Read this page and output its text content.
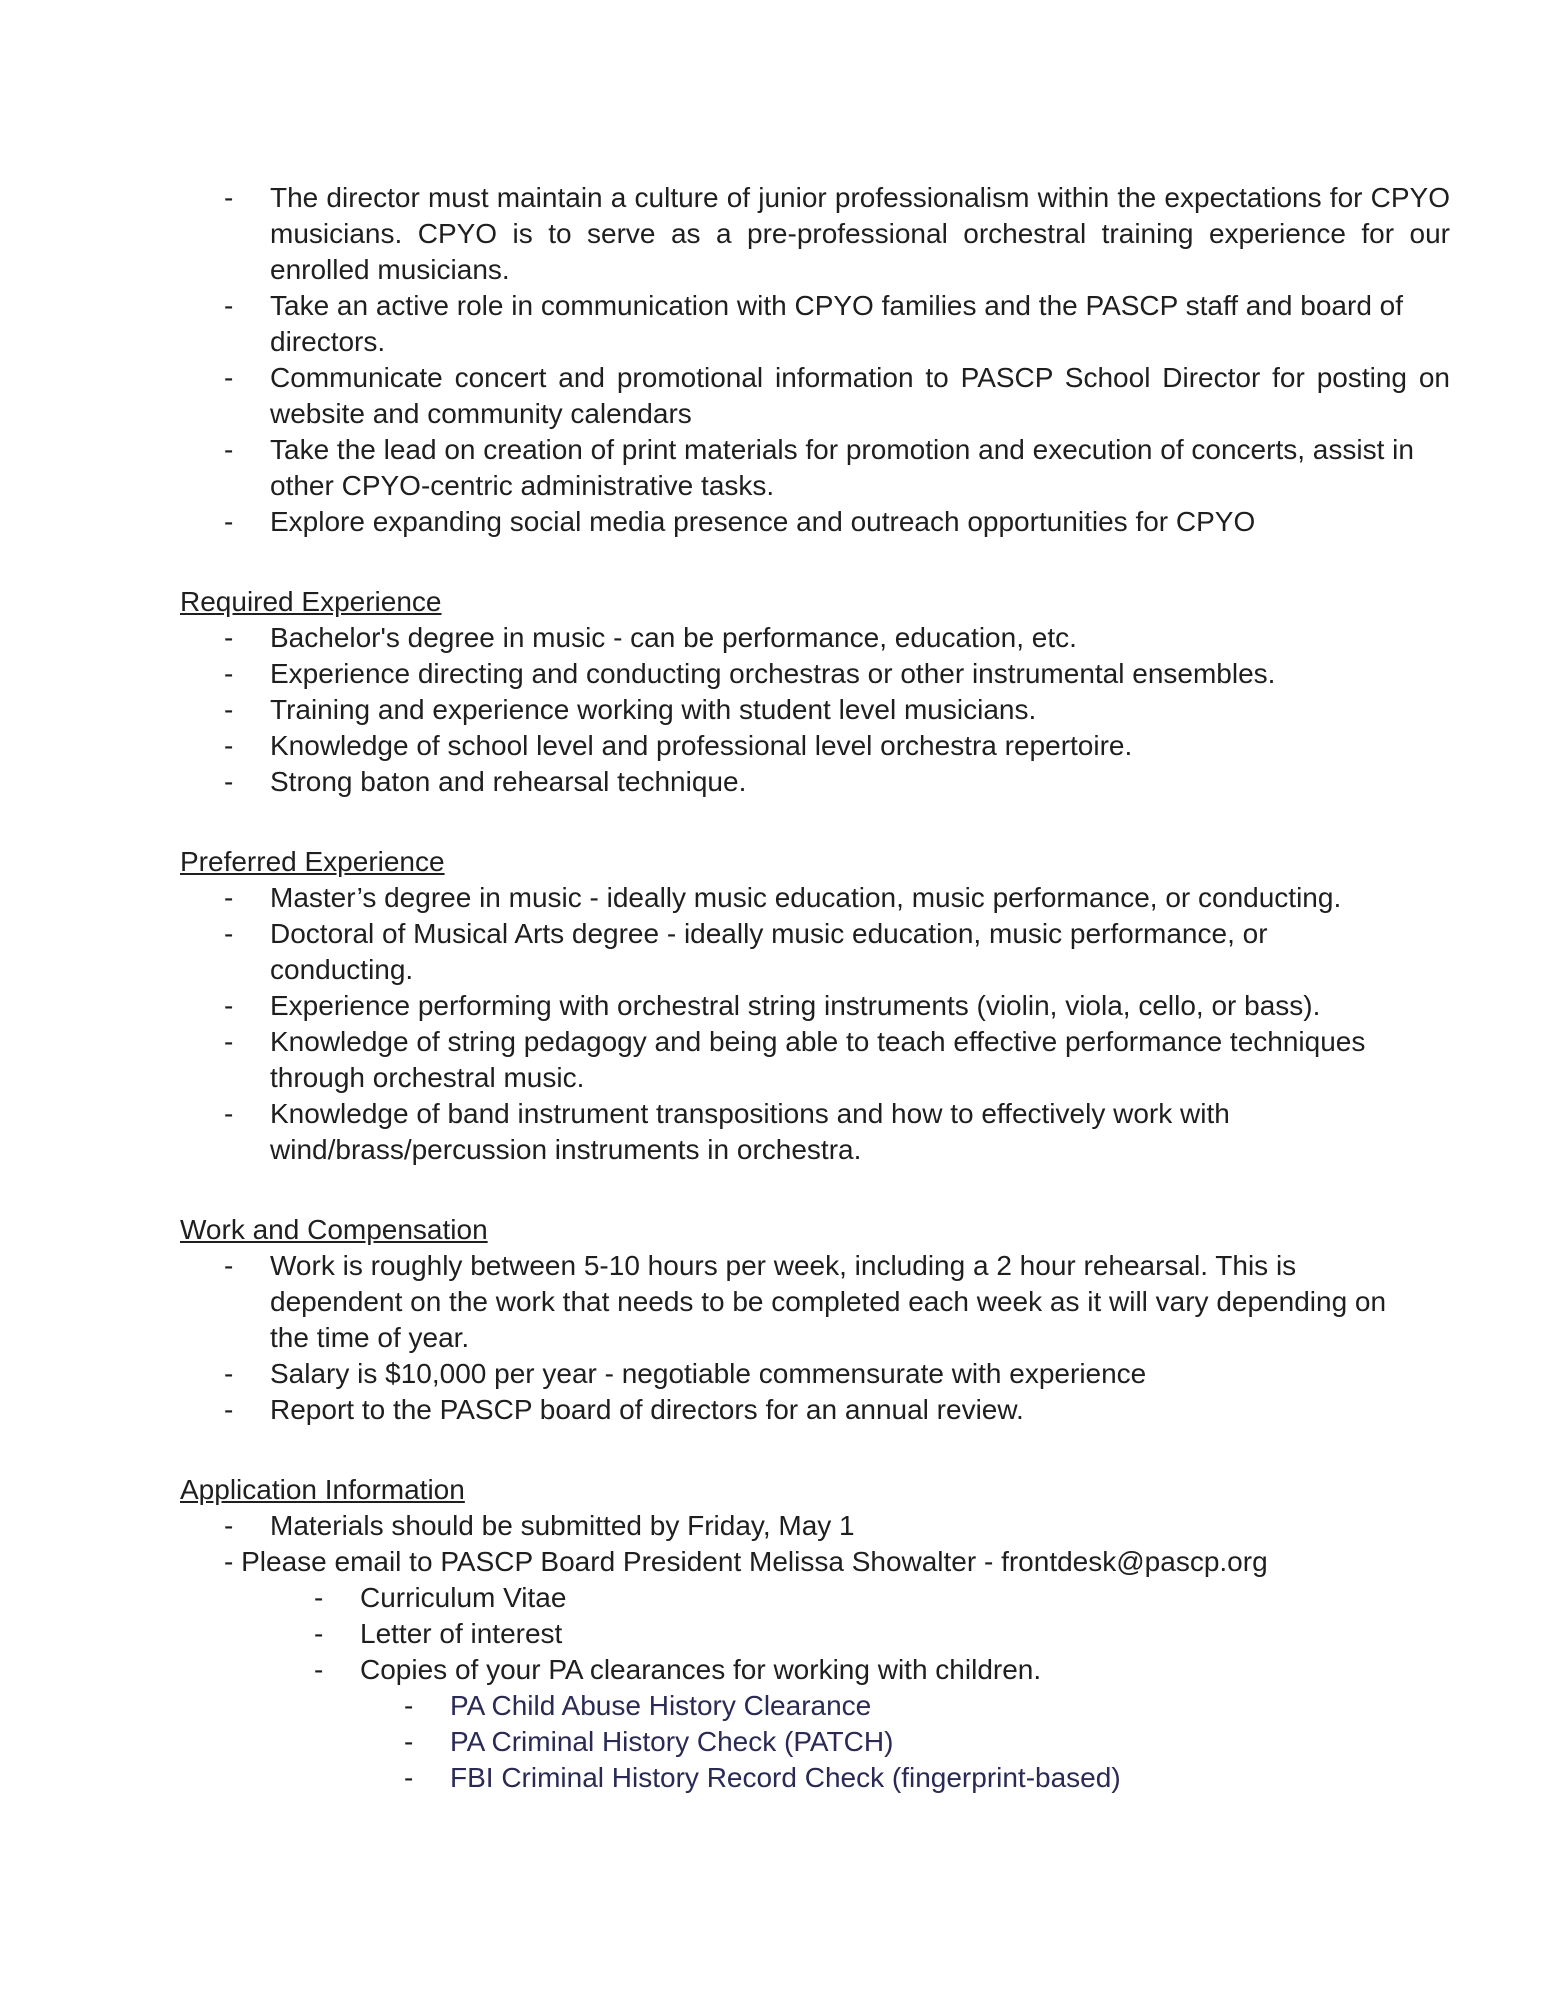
-	The director must maintain a culture of junior professionalism within the expectations for CPYO musicians. CPYO is to serve as a pre-professional orchestral training experience for our enrolled musicians.

-	Take an active role in communication with CPYO families and the PASCP staff and board of directors.

-	Communicate concert and promotional information to PASCP School Director for posting on website and community calendars

-	Take the lead on creation of print materials for promotion and execution of concerts, assist in other CPYO-centric administrative tasks.

-	Explore expanding social media presence and outreach opportunities for CPYO

Required Experience

-	Bachelor's degree in music - can be performance, education, etc.

-	Experience directing and conducting orchestras or other instrumental ensembles.

-	Training and experience working with student level musicians.

-	Knowledge of school level and professional level orchestra repertoire.

-	Strong baton and rehearsal technique.

Preferred Experience

-	Master’s degree in music - ideally music education, music performance, or conducting.

-	Doctoral of Musical Arts degree - ideally music education, music performance, or conducting.

-	Experience performing with orchestral string instruments (violin, viola, cello, or bass).

-	Knowledge of string pedagogy and being able to teach effective performance techniques through orchestral music.

-	Knowledge of band instrument transpositions and how to effectively work with wind/brass/percussion instruments in orchestra.

Work and Compensation

-	Work is roughly between 5-10 hours per week, including a 2 hour rehearsal. This is dependent on the work that needs to be completed each week as it will vary depending on the time of year.

-	Salary is $10,000 per year - negotiable commensurate with experience

-	Report to the PASCP board of directors for an annual review.

Application Information

-	Materials should be submitted by Friday, May 1

- Please email to PASCP Board President Melissa Showalter - frontdesk@pascp.org

-	Curriculum Vitae

-	Letter of interest

-	Copies of your PA clearances for working with children.

-	PA Child Abuse History Clearance

-	PA Criminal History Check (PATCH)

-	FBI Criminal History Record Check (fingerprint-based)
